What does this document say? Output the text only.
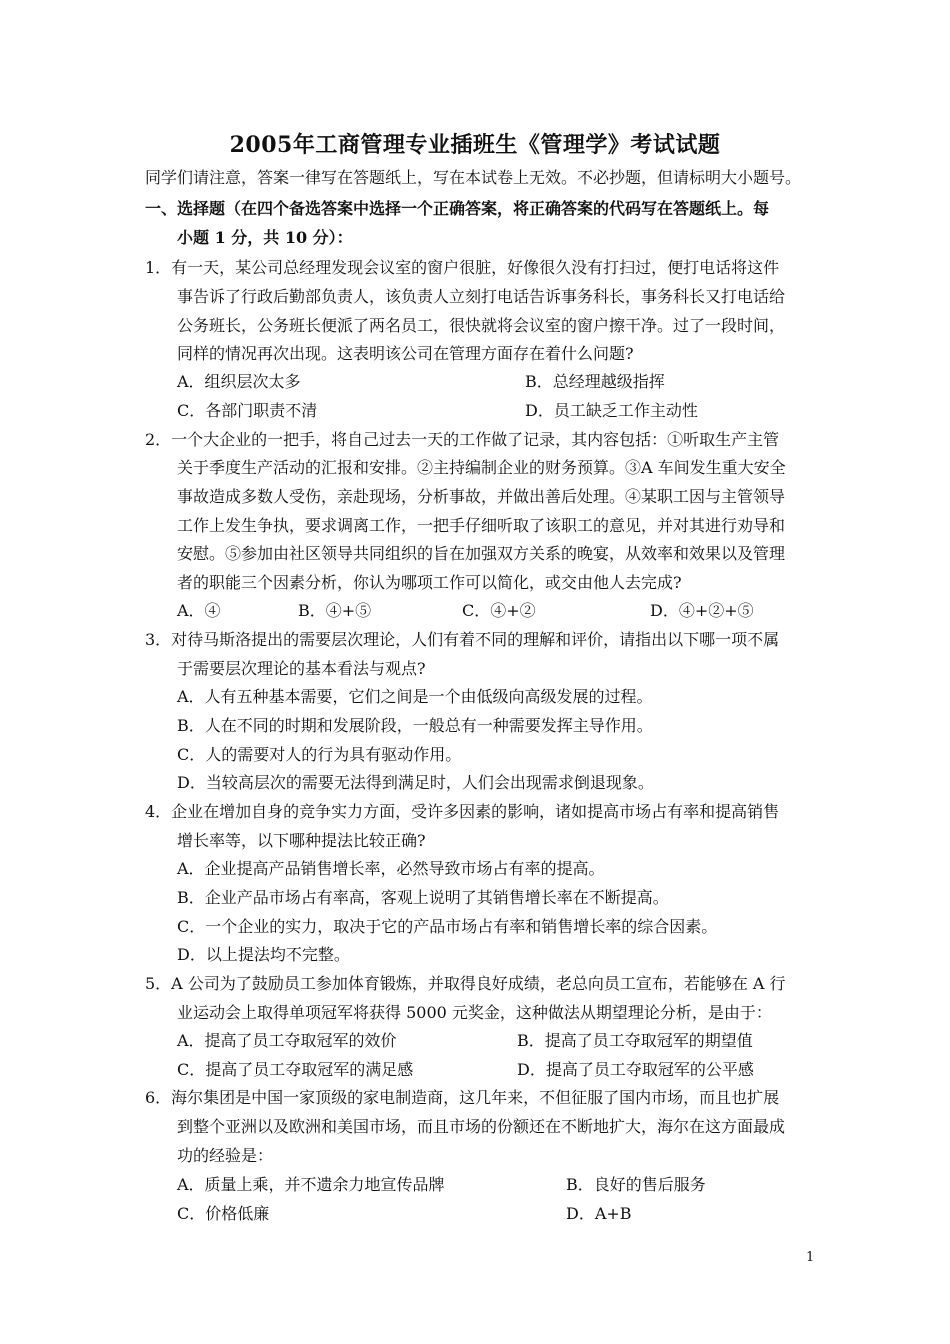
2005年工商管理专业插班生《管理学》考试试题
同学们请注意，答案一律写在答题纸上，写在本试卷上无效。不必抄题，但请标明大小题号。
一、选择题（在四个备选答案中选择一个正确答案，将正确答案的代码写在答题纸上。每
小题 1 分，共 10 分）：
1．有一天，某公司总经理发现会议室的窗户很脏，好像很久没有打扫过，便打电话将这件
事告诉了行政后勤部负责人，该负责人立刻打电话告诉事务科长，事务科长又打电话给
公务班长，公务班长便派了两名员工，很快就将会议室的窗户擦干净。过了一段时间，
同样的情况再次出现。这表明该公司在管理方面存在着什么问题?
A．组织层次太多	B．总经理越级指挥
C．各部门职责不清	D．员工缺乏工作主动性
2．一个大企业的一把手，将自己过去一天的工作做了记录，其内容包括：①听取生产主管
关于季度生产活动的汇报和安排。②主持编制企业的财务预算。③A 车间发生重大安全
事故造成多数人受伤，亲赴现场，分析事故，并做出善后处理。④某职工因与主管领导
工作上发生争执，要求调离工作，一把手仔细听取了该职工的意见，并对其进行劝导和
安慰。⑤参加由社区领导共同组织的旨在加强双方关系的晚宴，从效率和效果以及管理
者的职能三个因素分析，你认为哪项工作可以简化，或交由他人去完成?
A．④	B．④+⑤	C．④+②	D．④+②+⑤
3．对待马斯洛提出的需要层次理论，人们有着不同的理解和评价，请指出以下哪一项不属
于需要层次理论的基本看法与观点?
A．人有五种基本需要，它们之间是一个由低级向高级发展的过程。
B．人在不同的时期和发展阶段，一般总有一种需要发挥主导作用。
C．人的需要对人的行为具有驱动作用。
D．当较高层次的需要无法得到满足时，人们会出现需求倒退现象。
4．企业在增加自身的竞争实力方面，受许多因素的影响，诸如提高市场占有率和提高销售
增长率等，以下哪种提法比较正确?
A．企业提高产品销售增长率，必然导致市场占有率的提高。
B．企业产品市场占有率高，客观上说明了其销售增长率在不断提高。
C．一个企业的实力，取决于它的产品市场占有率和销售增长率的综合因素。
D．以上提法均不完整。
5．A 公司为了鼓励员工参加体育锻炼，并取得良好成绩，老总向员工宣布，若能够在 A 行
业运动会上取得单项冠军将获得 5000 元奖金，这种做法从期望理论分析，是由于：
A．提高了员工夺取冠军的效价	B．提高了员工夺取冠军的期望值
C．提高了员工夺取冠军的满足感	D．提高了员工夺取冠军的公平感
6．海尔集团是中国一家顶级的家电制造商，这几年来，不但征服了国内市场，而且也扩展
到整个亚洲以及欧洲和美国市场，而且市场的份额还在不断地扩大，海尔在这方面最成
功的经验是：
A．质量上乘，并不遗余力地宣传品牌	B．良好的售后服务
C．价格低廉	D．A+B
1
